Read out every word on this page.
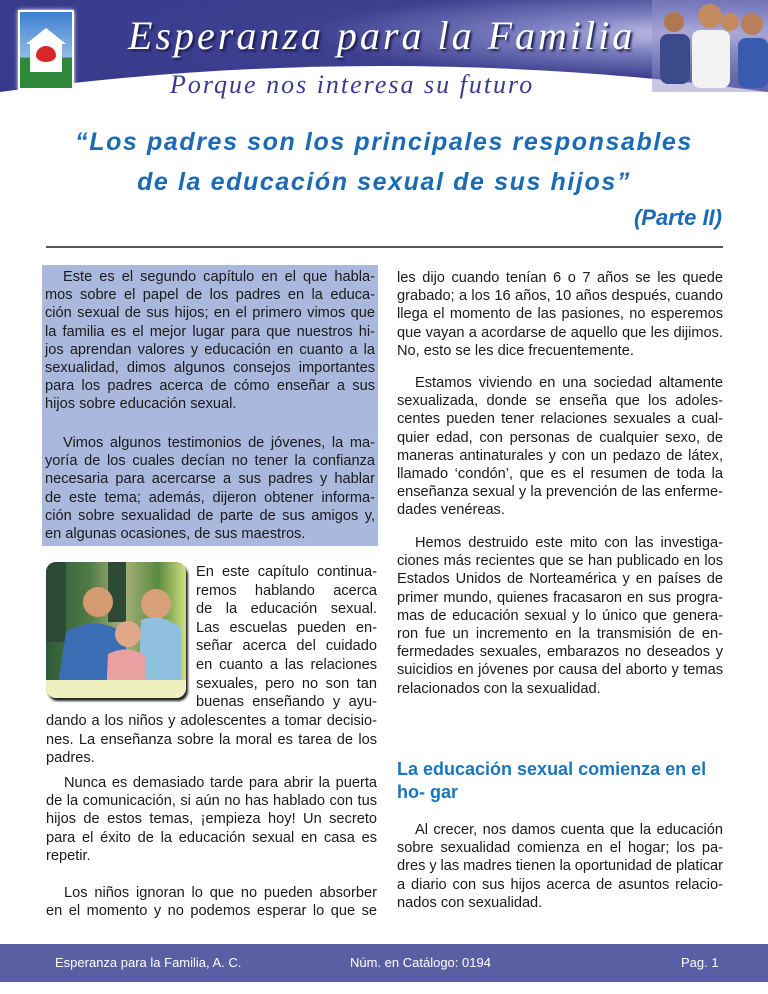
Esperanza para la Familia
Porque nos interesa su futuro
“Los padres son los principales responsables
de la educación sexual de sus hijos”
(Parte II)
Este es el segundo capítulo en el que habla-
mos sobre el papel de los padres en la educa-
ción sexual de sus hijos; en el primero vimos que
la familia es el mejor lugar para que nuestros hi-
jos aprendan valores y educación en cuanto a la
sexualidad, dimos algunos consejos importantes
para los padres acerca de cómo enseñar a sus
hijos sobre educación sexual.
Vimos algunos testimonios de jóvenes, la ma-
yoría de los cuales decían no tener la confianza
necesaria para acercarse a sus padres y hablar
de este tema; además, dijeron obtener informa-
ción sobre sexualidad de parte de sus amigos y,
en algunas ocasiones, de sus maestros.
En este capítulo continua-
remos hablando acerca
de la educación sexual.
Las escuelas pueden en-
señar acerca del cuidado
en cuanto a las relaciones
sexuales, pero no son tan
buenas enseñando y ayu-
dando a los niños y adolescentes a tomar decisio-
nes. La enseñanza sobre la moral es tarea de los
padres.
Nunca es demasiado tarde para abrir la puerta
de la comunicación, si aún no has hablado con tus
hijos de estos temas, ¡empieza hoy! Un secreto
para el éxito de la educación sexual en casa es
repetir.
Los niños ignoran lo que no pueden absorber
en el momento y no podemos esperar lo que se
les dijo cuando tenían 6 o 7 años se les quede
grabado; a los 16 años, 10 años después, cuando
llega el momento de las pasiones, no esperemos
que vayan a acordarse de aquello que les dijimos.
No, esto se les dice frecuentemente.
Estamos viviendo en una sociedad altamente
sexualizada, donde se enseña que los adoles-
centes pueden tener relaciones sexuales a cual-
quier edad, con personas de cualquier sexo, de
maneras antinaturales y con un pedazo de látex,
llamado ‘condón’, que es el resumen de toda la
enseñanza sexual y la prevención de las enferme-
dades venéreas.
Hemos destruido este mito con las investiga-
ciones más recientes que se han publicado en los
Estados Unidos de Norteamérica y en países de
primer mundo, quienes fracasaron en sus progra-
mas de educación sexual y lo único que genera-
ron fue un incremento en la transmisión de en-
fermedades sexuales, embarazos no deseados y
suicidios en jóvenes por causa del aborto y temas
relacionados con la sexualidad.
La educación sexual comienza en el ho- gar
Al crecer, nos damos cuenta que la educación
sobre sexualidad comienza en el hogar; los pa-
dres y las madres tienen la oportunidad de platicar
a diario con sus hijos acerca de asuntos relacio-
nados con sexualidad.
Esperanza para la Familia, A. C.	Núm. en Catálogo: 0194	Pag. 1
